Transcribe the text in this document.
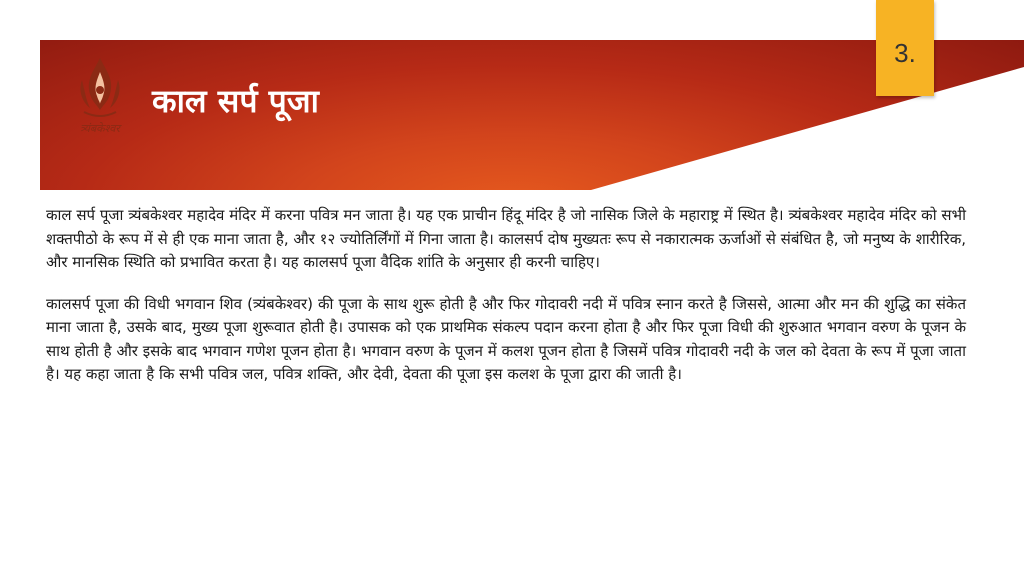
त्र्यंबकेश्वर
काल सर्प पूजा
3.

काल सर्प पूजा त्र्यंबकेश्वर महादेव मंदिर में करना पवित्र मन जाता है। यह एक प्राचीन हिंदू मंदिर है जो नासिक जिले के महाराष्ट्र में स्थित है। त्र्यंबकेश्वर महादेव मंदिर को सभी शक्तपीठो के रूप में से ही एक माना जाता है, और १२ ज्योतिर्लिंगों में गिना जाता है। कालसर्प दोष मुख्यतः रूप से नकारात्मक ऊर्जाओं से संबंधित है, जो मनुष्य के शारीरिक, और मानसिक स्थिति को प्रभावित करता है। यह कालसर्प पूजा वैदिक शांति के अनुसार ही करनी चाहिए।

कालसर्प पूजा की विधी भगवान शिव (त्र्यंबकेश्वर) की पूजा के साथ शुरू होती है और फिर गोदावरी नदी में पवित्र स्नान करते है जिससे, आत्मा और मन की शुद्धि का संकेत माना जाता है, उसके बाद, मुख्य पूजा शुरूवात होती है। उपासक को एक प्राथमिक संकल्प पदान करना होता है और फिर पूजा विधी की शुरुआत भगवान वरुण के पूजन के साथ होती है और इसके बाद भगवान गणेश पूजन होता है। भगवान वरुण के पूजन में कलश पूजन होता है जिसमें पवित्र गोदावरी नदी के जल को देवता के रूप में पूजा जाता है। यह कहा जाता है कि सभी पवित्र जल, पवित्र शक्ति, और देवी, देवता की पूजा इस कलश के पूजा द्वारा की जाती है।
